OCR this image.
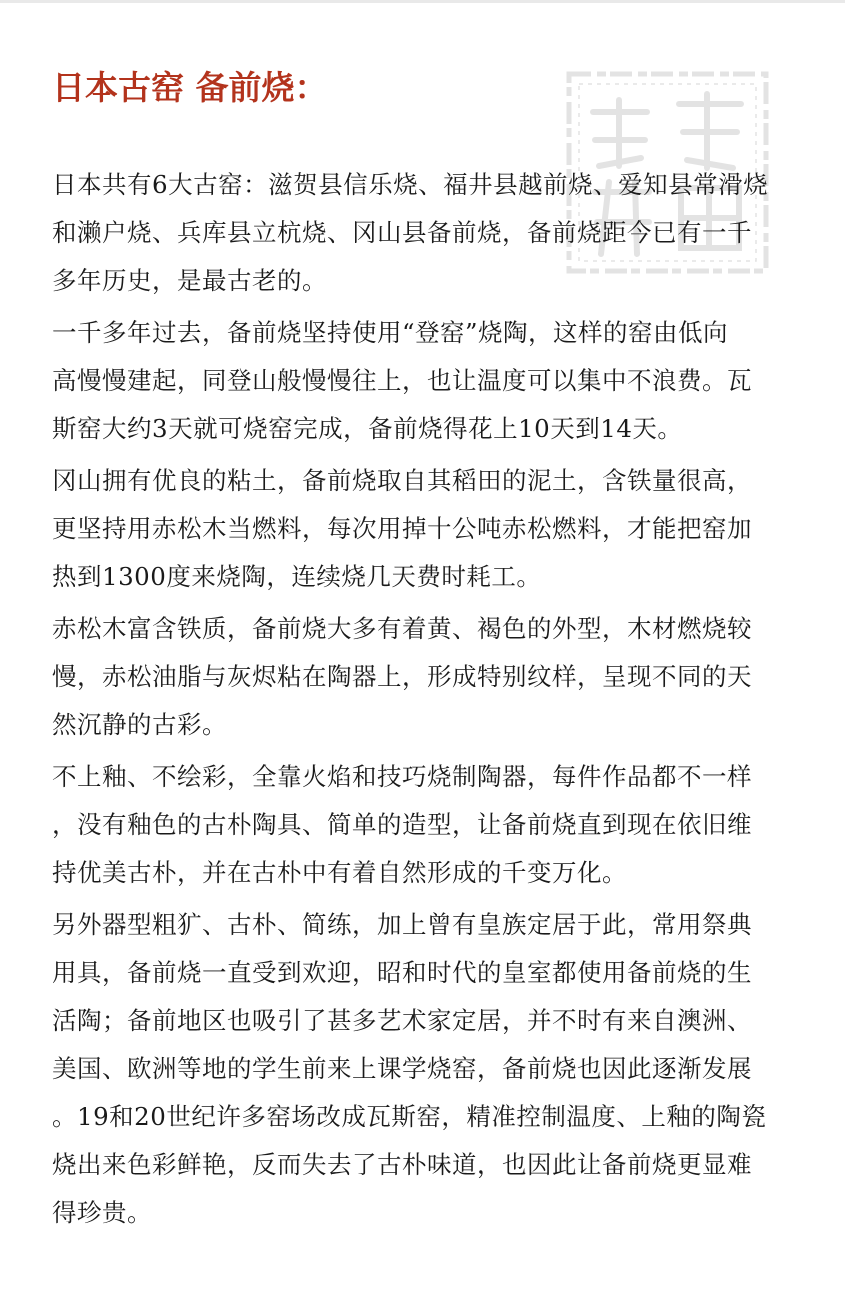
日本古窑 备前烧：

日本共有6大古窑：滋贺县信乐烧、福井县越前烧、爱知县常滑烧
和濑户烧、兵库县立杭烧、冈山县备前烧，备前烧距今已有一千
多年历史，是最古老的。

一千多年过去，备前烧坚持使用“登窑”烧陶，这样的窑由低向
高慢慢建起，同登山般慢慢往上，也让温度可以集中不浪费。瓦
斯窑大约3天就可烧窑完成，备前烧得花上10天到14天。

冈山拥有优良的粘土，备前烧取自其稻田的泥土，含铁量很高，
更坚持用赤松木当燃料，每次用掉十公吨赤松燃料，才能把窑加
热到1300度来烧陶，连续烧几天费时耗工。

赤松木富含铁质，备前烧大多有着黄、褐色的外型，木材燃烧较
慢，赤松油脂与灰烬粘在陶器上，形成特别纹样，呈现不同的天
然沉静的古彩。

不上釉、不绘彩，全靠火焰和技巧烧制陶器，每件作品都不一样
，没有釉色的古朴陶具、简单的造型，让备前烧直到现在依旧维
持优美古朴，并在古朴中有着自然形成的千变万化。

另外器型粗犷、古朴、简练，加上曾有皇族定居于此，常用祭典
用具，备前烧一直受到欢迎，昭和时代的皇室都使用备前烧的生
活陶；备前地区也吸引了甚多艺术家定居，并不时有来自澳洲、
美国、欧洲等地的学生前来上课学烧窑，备前烧也因此逐渐发展
。19和20世纪许多窑场改成瓦斯窑，精准控制温度、上釉的陶瓷
烧出来色彩鲜艳，反而失去了古朴味道，也因此让备前烧更显难
得珍贵。
